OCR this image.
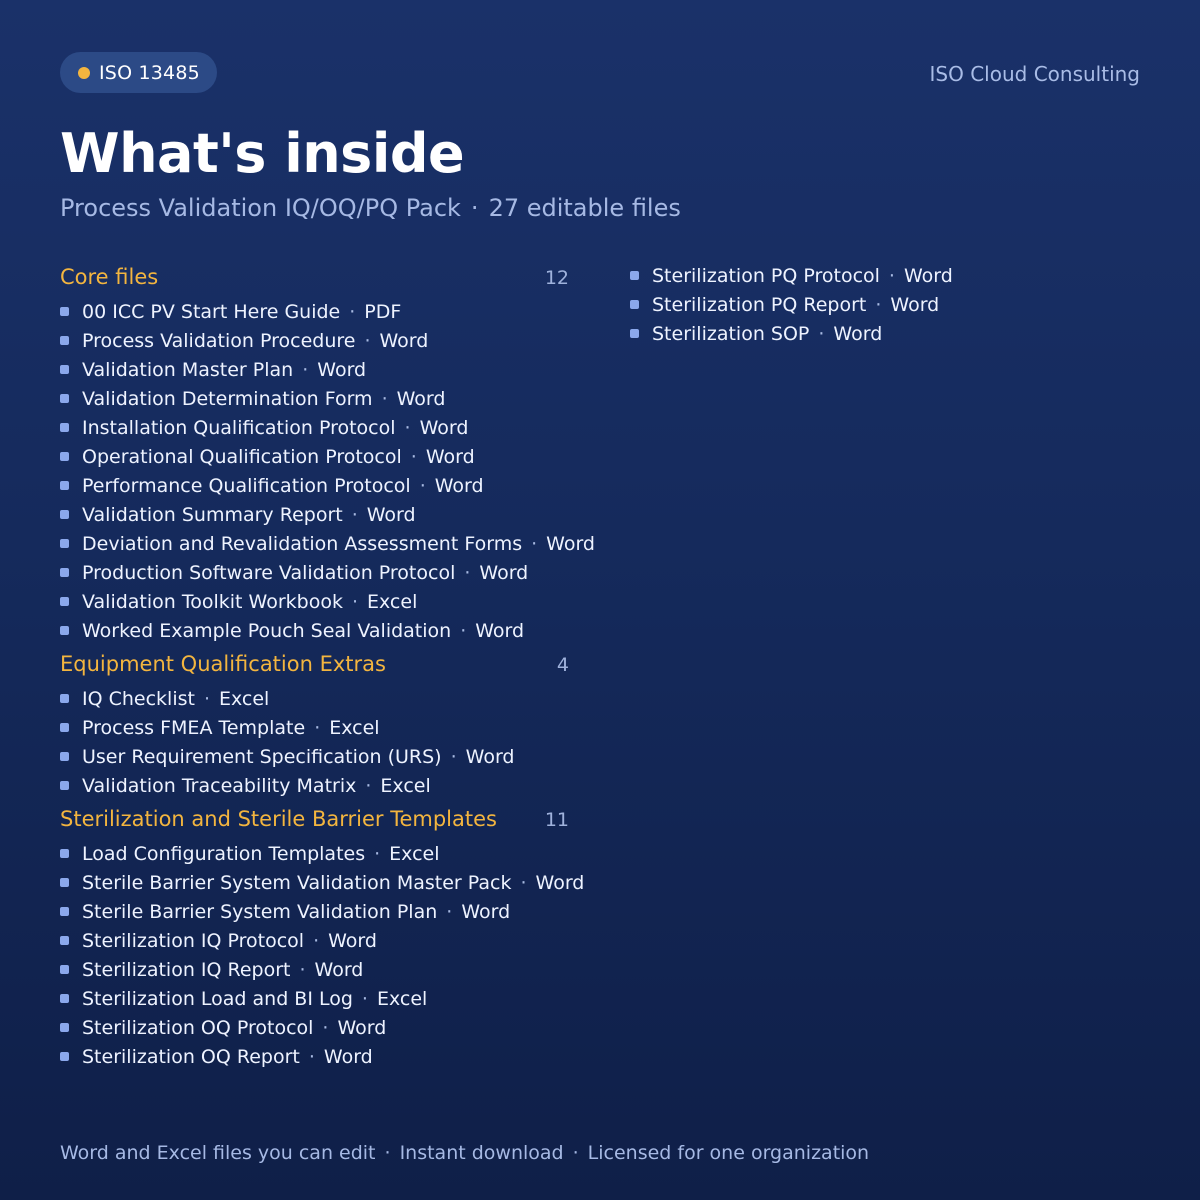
ISO 13485	ISO Cloud Consulting
What's inside
Process Validation IQ/OQ/PQ Pack · 27 editable files
Core files	12
00 ICC PV Start Here Guide · PDF
Process Validation Procedure · Word
Validation Master Plan · Word
Validation Determination Form · Word
Installation Qualification Protocol · Word
Operational Qualification Protocol · Word
Performance Qualification Protocol · Word
Validation Summary Report · Word
Deviation and Revalidation Assessment Forms · Word
Production Software Validation Protocol · Word
Validation Toolkit Workbook · Excel
Worked Example Pouch Seal Validation · Word
Equipment Qualification Extras	4
IQ Checklist · Excel
Process FMEA Template · Excel
User Requirement Specification (URS) · Word
Validation Traceability Matrix · Excel
Sterilization and Sterile Barrier Templates	11
Load Configuration Templates · Excel
Sterile Barrier System Validation Master Pack · Word
Sterile Barrier System Validation Plan · Word
Sterilization IQ Protocol · Word
Sterilization IQ Report · Word
Sterilization Load and BI Log · Excel
Sterilization OQ Protocol · Word
Sterilization OQ Report · Word
Sterilization PQ Protocol · Word
Sterilization PQ Report · Word
Sterilization SOP · Word
Word and Excel files you can edit · Instant download · Licensed for one organization
